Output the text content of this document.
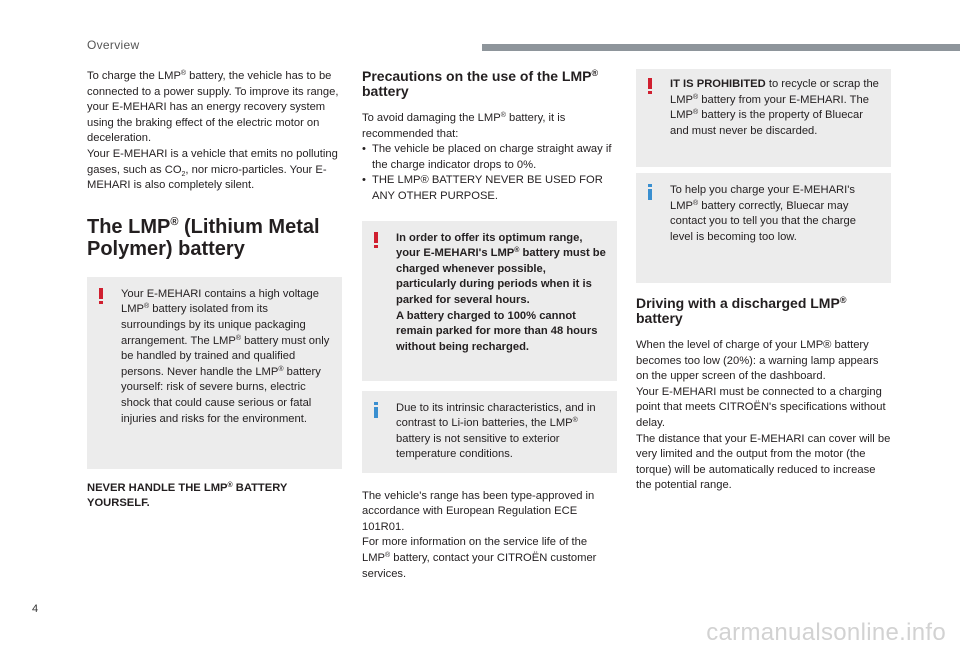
Overview

To charge the LMP® battery, the vehicle has to be connected to a power supply. To improve its range, your E-MEHARI has an energy recovery system using the braking effect of the electric motor on deceleration.

Your E-MEHARI is a vehicle that emits no polluting gases, such as $CO_2$, nor micro-particles. Your E-MEHARI is also completely silent.

The LMP® (Lithium Metal Polymer) battery

Your E-MEHARI contains a high voltage LMP® battery isolated from its surroundings by its unique packaging arrangement. The LMP® battery must only be handled by trained and qualified persons. Never handle the LMP® battery yourself: risk of severe burns, electric shock that could cause serious or fatal injuries and risks for the environment.

NEVER HANDLE THE LMP® BATTERY YOURSELF.

Precautions on the use of the LMP® battery

To avoid damaging the LMP® battery, it is recommended that:

• The vehicle be placed on charge straight away if the charge indicator drops to 0%.
• THE LMP® BATTERY NEVER BE USED FOR ANY OTHER PURPOSE.

In order to offer its optimum range, your E-MEHARI's LMP® battery must be charged whenever possible, particularly during periods when it is parked for several hours.

A battery charged to 100% cannot remain parked for more than 48 hours without being recharged.

Due to its intrinsic characteristics, and in contrast to Li-ion batteries, the LMP® battery is not sensitive to exterior temperature conditions.

The vehicle's range has been type-approved in accordance with European Regulation ECE 101R01.

For more information on the service life of the LMP® battery, contact your CITROËN customer services.

IT IS PROHIBITED to recycle or scrap the LMP® battery from your E-MEHARI. The LMP® battery is the property of Bluecar and must never be discarded.

To help you charge your E-MEHARI's LMP® battery correctly, Bluecar may contact you to tell you that the charge level is becoming too low.

Driving with a discharged LMP®
battery

When the level of charge of your LMP® battery becomes too low (20%): a warning lamp appears on the upper screen of the dashboard.

Your E-MEHARI must be connected to a charging point that meets CITROËN's specifications without delay.

The distance that your E-MEHARI can cover will be very limited and the output from the motor (the torque) will be automatically reduced to increase the potential range.

4
carmanualsonline.info
